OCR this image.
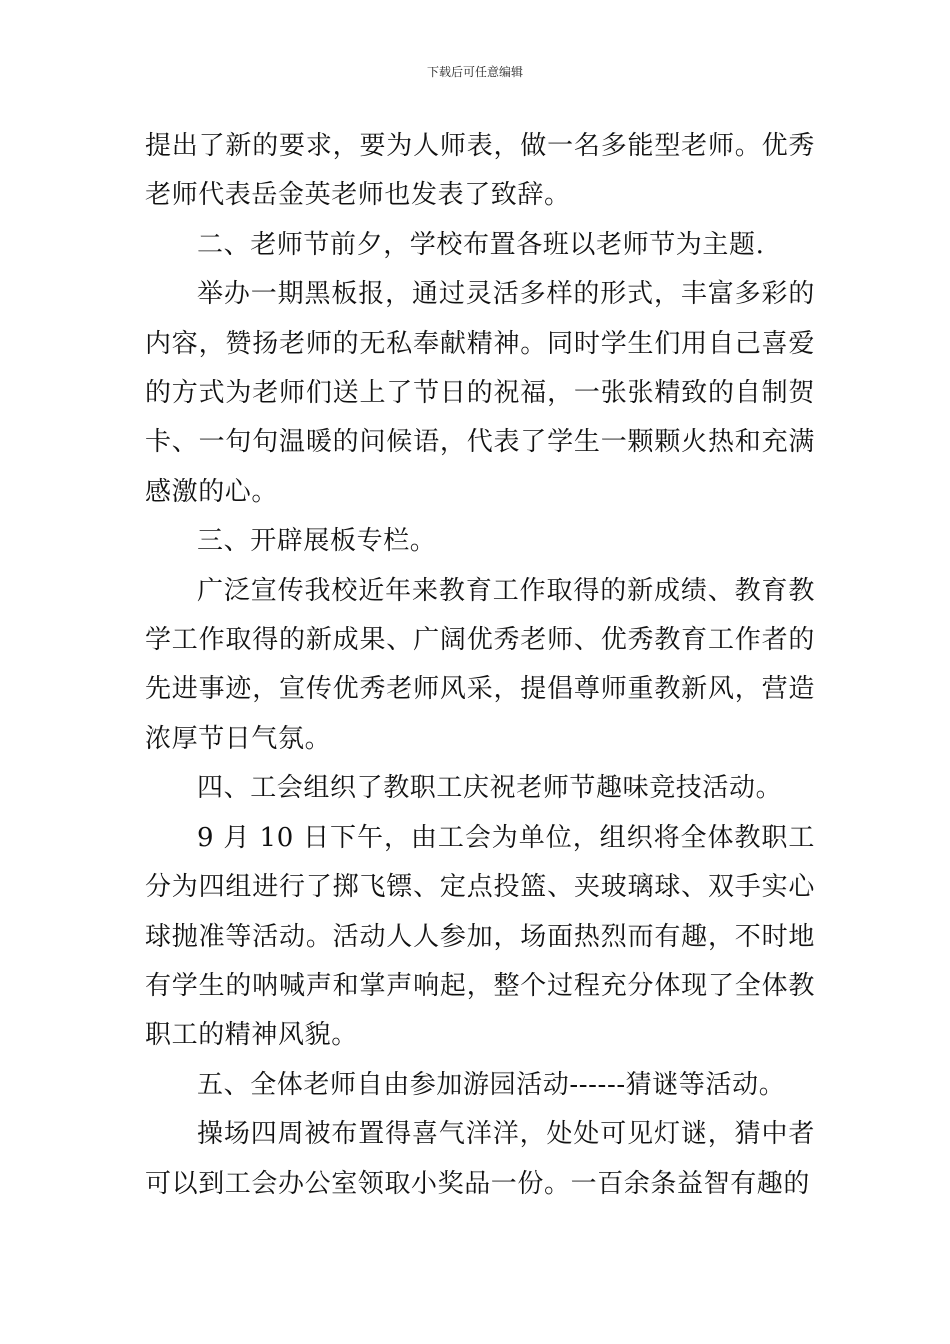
下载后可任意编辑

提出了新的要求，要为人师表，做一名多能型老师。优秀老师代表岳金英老师也发表了致辞。

二、老师节前夕，学校布置各班以老师节为主题.

举办一期黑板报，通过灵活多样的形式，丰富多彩的内容，赞扬老师的无私奉献精神。同时学生们用自己喜爱的方式为老师们送上了节日的祝福，一张张精致的自制贺卡、一句句温暖的问候语，代表了学生一颗颗火热和充满感激的心。

三、开辟展板专栏。

广泛宣传我校近年来教育工作取得的新成绩、教育教学工作取得的新成果、广阔优秀老师、优秀教育工作者的先进事迹，宣传优秀老师风采，提倡尊师重教新风，营造浓厚节日气氛。

四、工会组织了教职工庆祝老师节趣味竞技活动。

9 月 10 日下午，由工会为单位，组织将全体教职工分为四组进行了掷飞镖、定点投篮、夹玻璃球、双手实心球抛准等活动。活动人人参加，场面热烈而有趣，不时地有学生的呐喊声和掌声响起，整个过程充分体现了全体教职工的精神风貌。

五、全体老师自由参加游园活动------猜谜等活动。

操场四周被布置得喜气洋洋，处处可见灯谜，猜中者可以到工会办公室领取小奖品一份。一百余条益智有趣的
